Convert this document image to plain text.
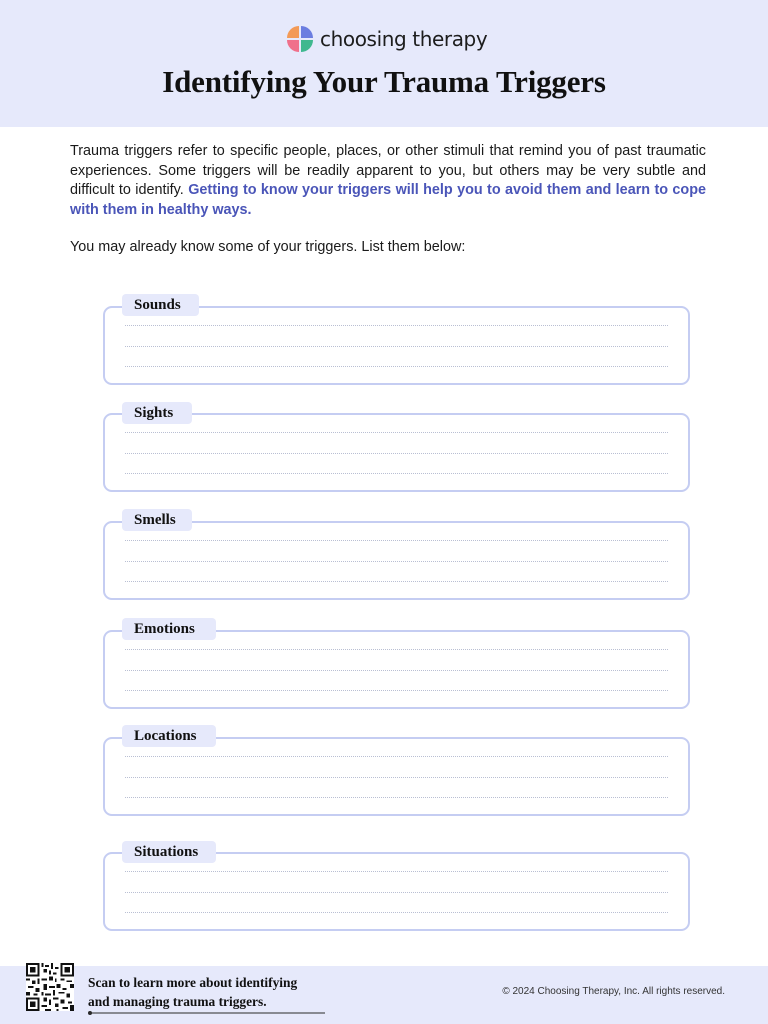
choosing therapy
Identifying Your Trauma Triggers

Trauma triggers refer to specific people, places, or other stimuli that remind you of past traumatic experiences. Some triggers will be readily apparent to you, but others may be very subtle and difficult to identify. Getting to know your triggers will help you to avoid them and learn to cope with them in healthy ways.

You may already know some of your triggers. List them below:

Sounds
Sights
Smells
Emotions
Locations
Situations
Scan to learn more about identifying
and managing trauma triggers.
© 2024 Choosing Therapy, Inc. All rights reserved.
